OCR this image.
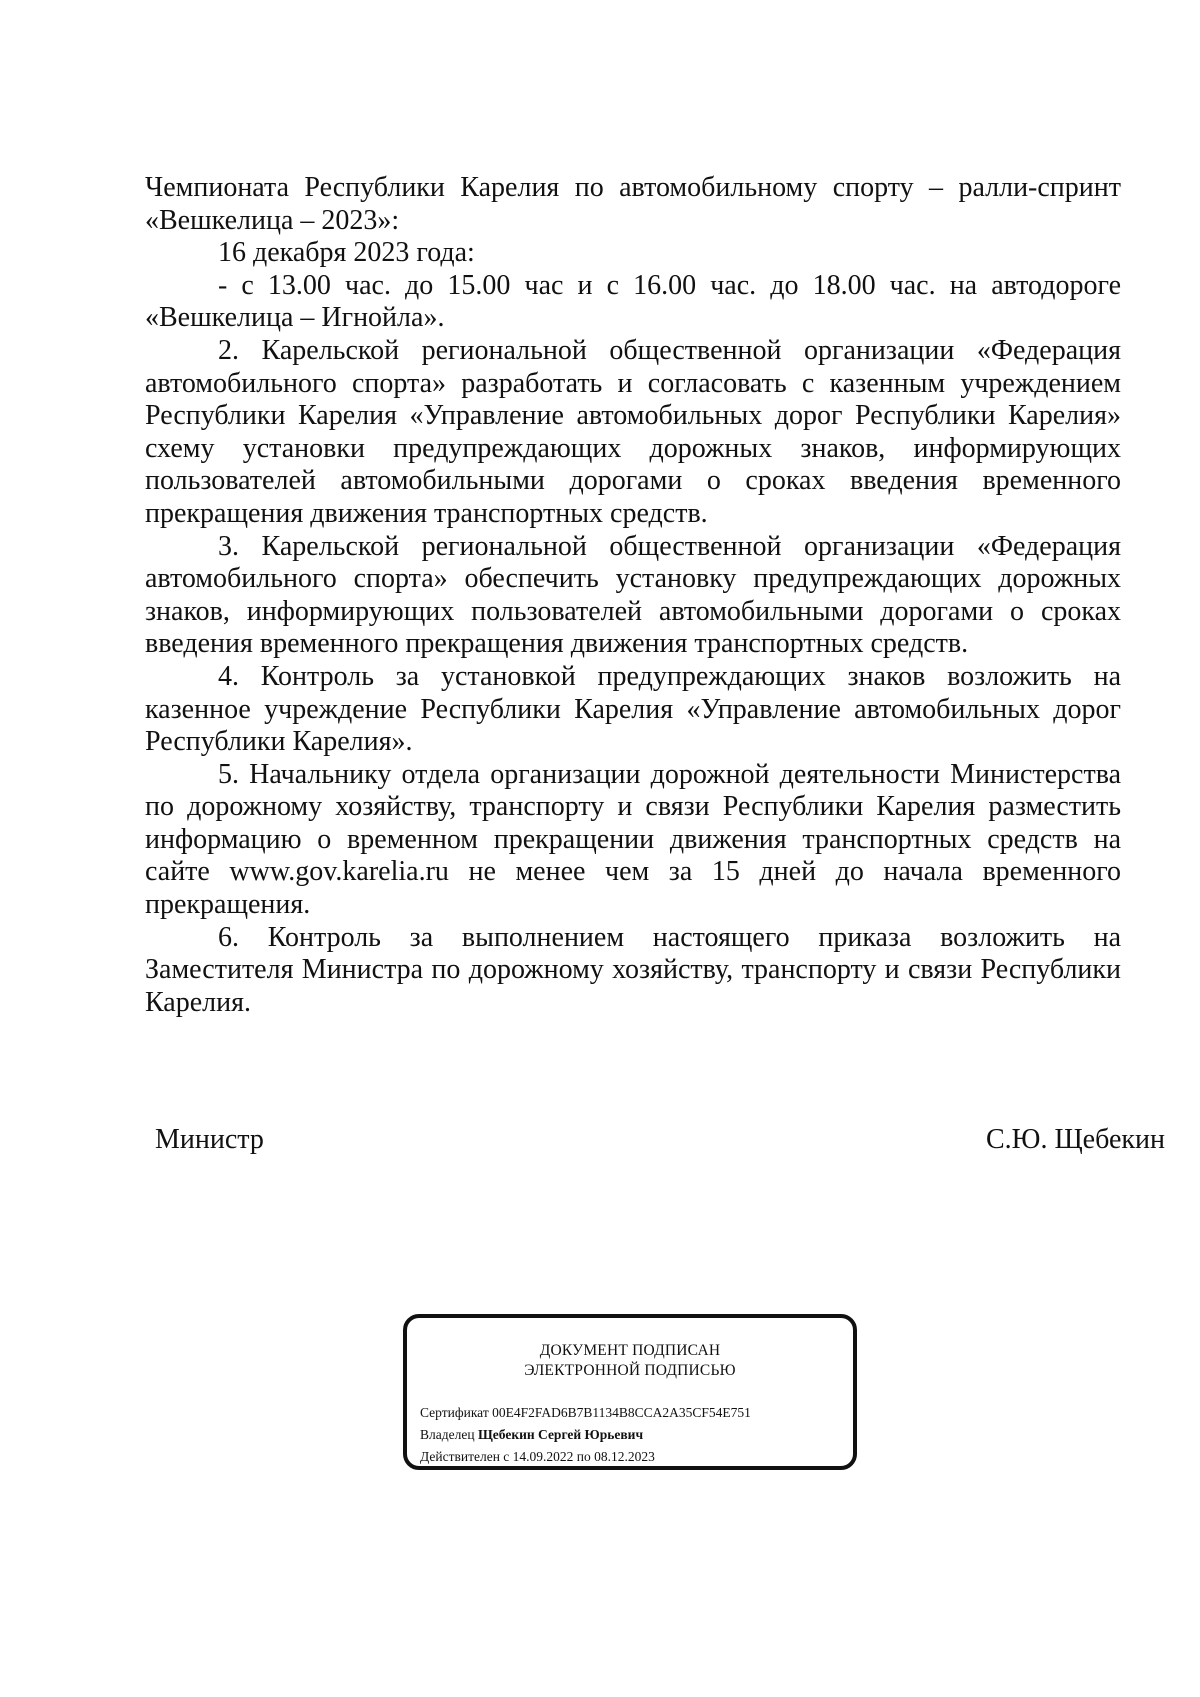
Чемпионата Республики Карелия по автомобильному спорту – ралли-спринт «Вешкелица – 2023»:

16 декабря 2023 года:

- с 13.00 час. до 15.00 час и с 16.00 час. до 18.00 час. на автодороге «Вешкелица – Игнойла».

2. Карельской региональной общественной организации «Федерация автомобильного спорта» разработать и согласовать с казенным учреждением Республики Карелия «Управление автомобильных дорог Республики Карелия» схему установки предупреждающих дорожных знаков, информирующих пользователей автомобильными дорогами о сроках введения временного прекращения движения транспортных средств.

3. Карельской региональной общественной организации «Федерация автомобильного спорта» обеспечить установку предупреждающих дорожных знаков, информирующих пользователей автомобильными дорогами о сроках введения временного прекращения движения транспортных средств.

4. Контроль за установкой предупреждающих знаков возложить на казенное учреждение Республики Карелия «Управление автомобильных дорог Республики Карелия».

5. Начальнику отдела организации дорожной деятельности Министерства по дорожному хозяйству, транспорту и связи Республики Карелия разместить информацию о временном прекращении движения транспортных средств на сайте www.gov.karelia.ru не менее чем за 15 дней до начала временного прекращения.

6. Контроль за выполнением настоящего приказа возложить на Заместителя Министра по дорожному хозяйству, транспорту и связи Республики Карелия.

Министр	С.Ю. Щебекин
ДОКУМЕНТ ПОДПИСАН
ЭЛЕКТРОННОЙ ПОДПИСЬЮ
Сертификат 00E4F2FAD6B7B1134B8CCA2A35CF54E751
Владелец Щебекин Сергей Юрьевич
Действителен с 14.09.2022 по 08.12.2023
